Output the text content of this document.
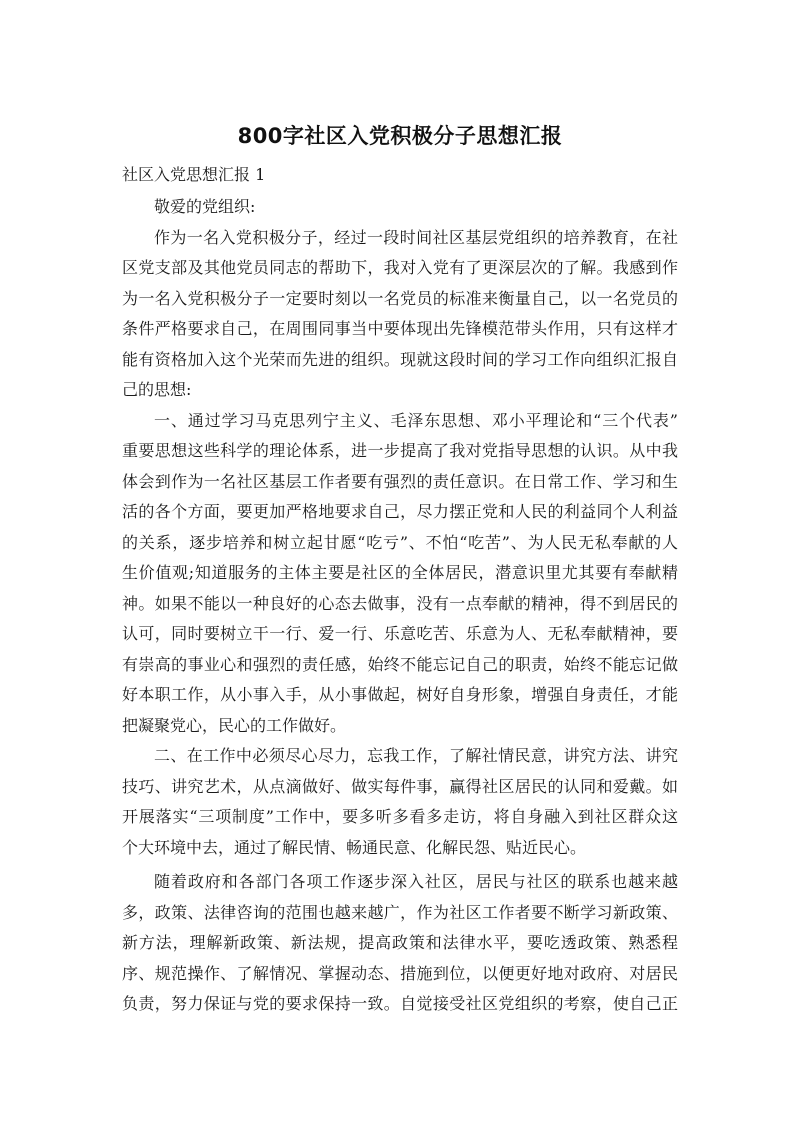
800字社区入党积极分子思想汇报
社区入党思想汇报 1
敬爱的党组织:
作为一名入党积极分子，经过一段时间社区基层党组织的培养教育，在社
区党支部及其他党员同志的帮助下，我对入党有了更深层次的了解。我感到作
为一名入党积极分子一定要时刻以一名党员的标准来衡量自己，以一名党员的
条件严格要求自己，在周围同事当中要体现出先锋模范带头作用，只有这样才
能有资格加入这个光荣而先进的组织。现就这段时间的学习工作向组织汇报自
己的思想:
一、通过学习马克思列宁主义、毛泽东思想、邓小平理论和“三个代表”
重要思想这些科学的理论体系，进一步提高了我对党指导思想的认识。从中我
体会到作为一名社区基层工作者要有强烈的责任意识。在日常工作、学习和生
活的各个方面，要更加严格地要求自己，尽力摆正党和人民的利益同个人利益
的关系，逐步培养和树立起甘愿“吃亏”、不怕“吃苦”、为人民无私奉献的人
生价值观;知道服务的主体主要是社区的全体居民，潜意识里尤其要有奉献精
神。如果不能以一种良好的心态去做事，没有一点奉献的精神，得不到居民的
认可，同时要树立干一行、爱一行、乐意吃苦、乐意为人、无私奉献精神，要
有崇高的事业心和强烈的责任感，始终不能忘记自己的职责，始终不能忘记做
好本职工作，从小事入手，从小事做起，树好自身形象，增强自身责任，才能
把凝聚党心，民心的工作做好。
二、在工作中必须尽心尽力，忘我工作，了解社情民意，讲究方法、讲究
技巧、讲究艺术，从点滴做好、做实每件事，赢得社区居民的认同和爱戴。如
开展落实“三项制度”工作中，要多听多看多走访，将自身融入到社区群众这
个大环境中去，通过了解民情、畅通民意、化解民怨、贴近民心。
随着政府和各部门各项工作逐步深入社区，居民与社区的联系也越来越
多，政策、法律咨询的范围也越来越广，作为社区工作者要不断学习新政策、
新方法，理解新政策、新法规，提高政策和法律水平，要吃透政策、熟悉程
序、规范操作、了解情况、掌握动态、措施到位，以便更好地对政府、对居民
负责，努力保证与党的要求保持一致。自觉接受社区党组织的考察，使自己正
